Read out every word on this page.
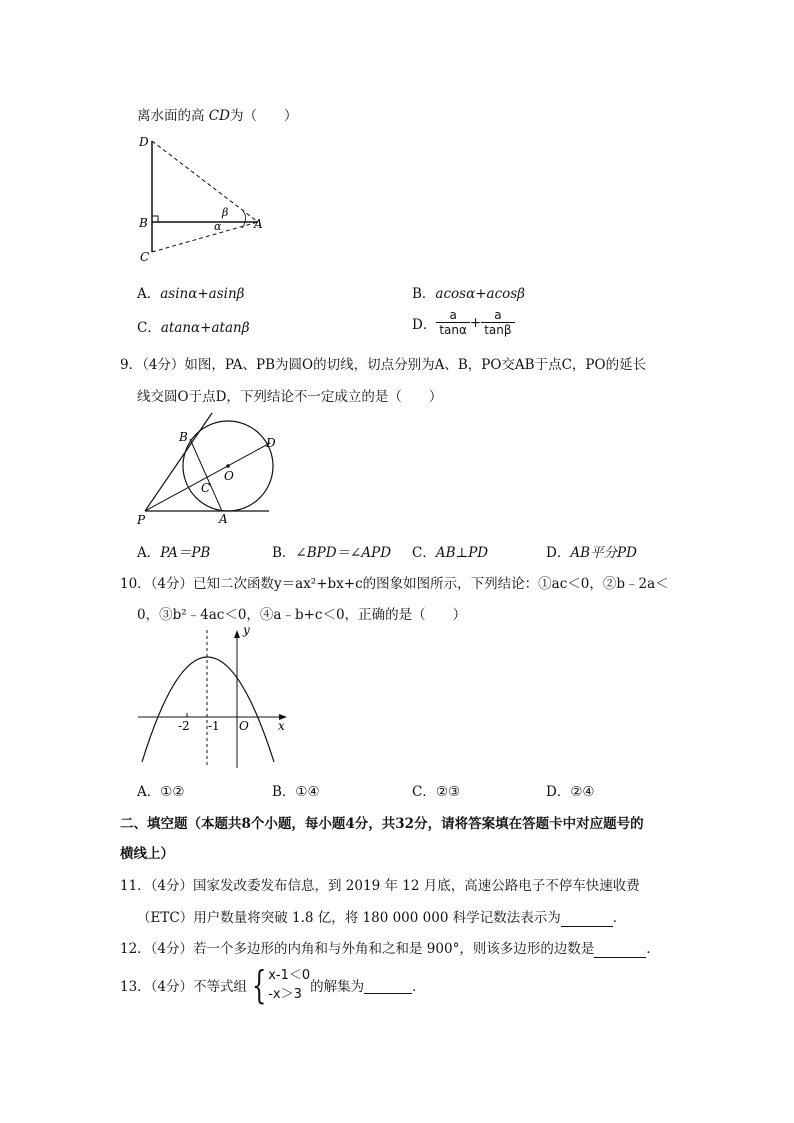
离水面的高 CD为（　　）
D
B
C
A
β
α
A．asinα+asinβ	B．acosα+acosβ
C．atanα+atanβ	D． $\frac{a}{\tan\alpha} + \frac{a}{\tan\beta}$
9．（4分）如图，PA、PB为圆O的切线，切点分别为A、B，PO交AB于点C，PO的延长
线交圆O于点D，下列结论不一定成立的是（　　）
B	D
O
C
P	A
A．PA＝PB	B．∠BPD＝∠APD C．AB⊥PD	D．AB平分PD
10．（4分）已知二次函数y＝ax²+bx+c的图象如图所示，下列结论：①ac＜0，②b﹣2a＜
0，③b²﹣4ac＜0，④a﹣b+c＜0，正确的是（　　）
y
x
O
-2 -1
A．①②	B．①④	C．②③	D．②④
二、填空题（本题共8个小题，每小题4分，共32分，请将答案填在答题卡中对应题号的
横线上）
11．（4分）国家发改委发布信息，到 2019 年 12 月底，高速公路电子不停车快速收费
（ETC）用户数量将突破 1.8 亿，将 180 000 000 科学记数法表示为	．
12．（4分）若一个多边形的内角和与外角和之和是 900°，则该多边形的边数是	．
13．（4分）不等式组 { x-1＜0
-x＞3 的解集为	．
